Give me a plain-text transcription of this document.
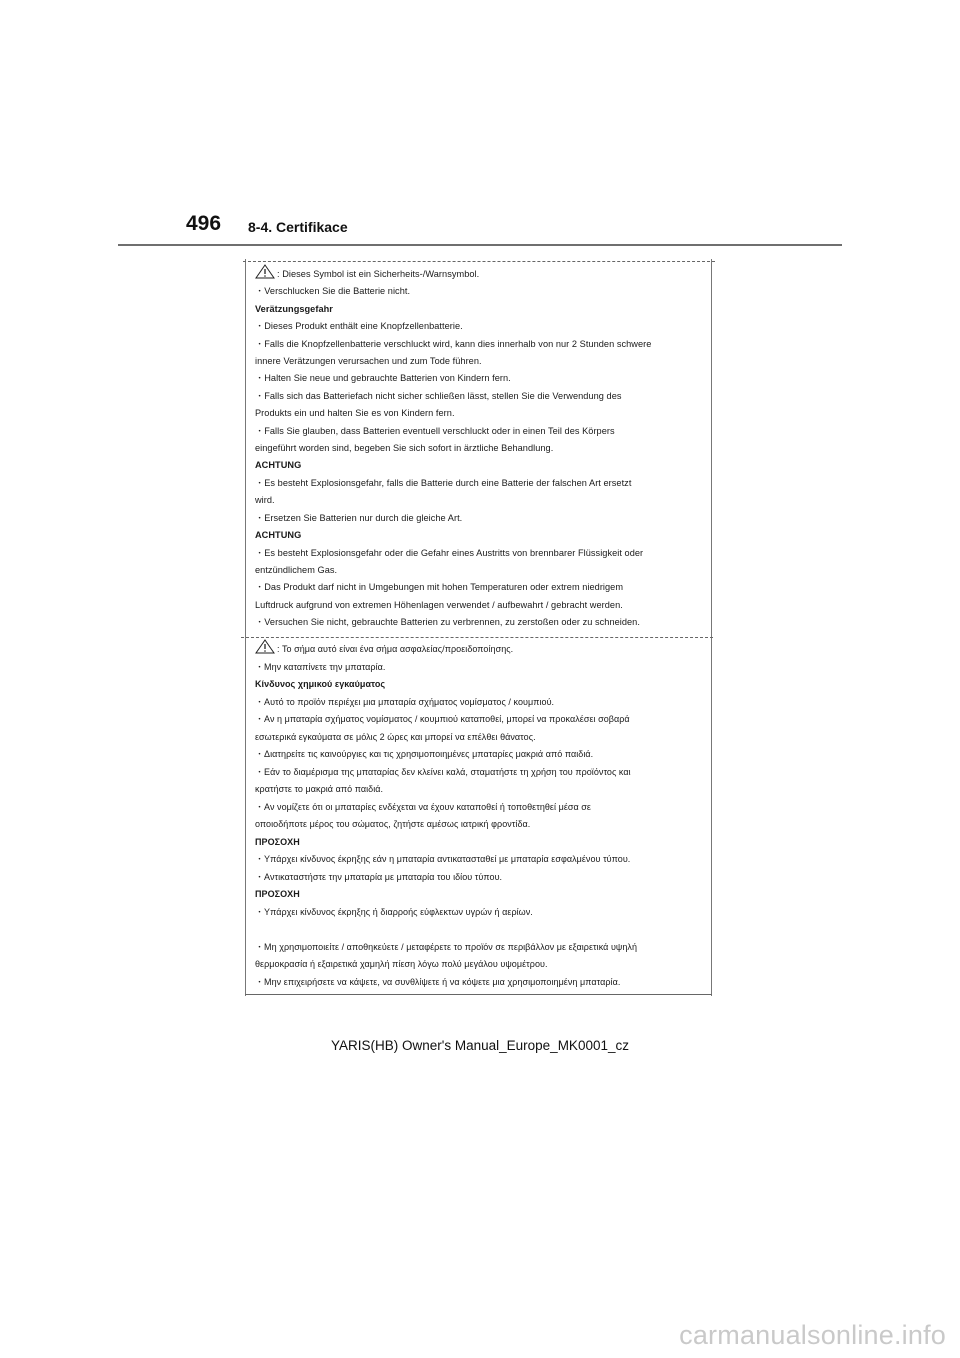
496 8-4. Certifikace
: Dieses Symbol ist ein Sicherheits-/Warnsymbol.
・Verschlucken Sie die Batterie nicht.
Verätzungsgefahr
・Dieses Produkt enthält eine Knopfzellenbatterie.
・Falls die Knopfzellenbatterie verschluckt wird, kann dies innerhalb von nur 2 Stunden schwere
innere Verätzungen verursachen und zum Tode führen.
・Halten Sie neue und gebrauchte Batterien von Kindern fern.
・Falls sich das Batteriefach nicht sicher schließen lässt, stellen Sie die Verwendung des
Produkts ein und halten Sie es von Kindern fern.
・Falls Sie glauben, dass Batterien eventuell verschluckt oder in einen Teil des Körpers
eingeführt worden sind, begeben Sie sich sofort in ärztliche Behandlung.
ACHTUNG
・Es besteht Explosionsgefahr, falls die Batterie durch eine Batterie der falschen Art ersetzt
wird.
・Ersetzen Sie Batterien nur durch die gleiche Art.
ACHTUNG
・Es besteht Explosionsgefahr oder die Gefahr eines Austritts von brennbarer Flüssigkeit oder
entzündlichem Gas.
・Das Produkt darf nicht in Umgebungen mit hohen Temperaturen oder extrem niedrigem
Luftdruck aufgrund von extremen Höhenlagen verwendet / aufbewahrt / gebracht werden.
・Versuchen Sie nicht, gebrauchte Batterien zu verbrennen, zu zerstoßen oder zu schneiden.
: Το σήμα αυτό είναι ένα σήμα ασφαλείας/προειδοποίησης.
・Μην καταπίνετε την μπαταρία.
Κίνδυνος χημικού εγκαύματος
・Αυτό το προϊόν περιέχει μια μπαταρία σχήματος νομίσματος / κουμπιού.
・Αν η μπαταρία σχήματος νομίσματος / κουμπιού καταποθεί, μπορεί να προκαλέσει σοβαρά
εσωτερικά εγκαύματα σε μόλις 2 ώρες και μπορεί να επέλθει θάνατος.
・Διατηρείτε τις καινούργιες και τις χρησιμοποιημένες μπαταρίες μακριά από παιδιά.
・Εάν το διαμέρισμα της μπαταρίας δεν κλείνει καλά, σταματήστε τη χρήση του προϊόντος και
κρατήστε το μακριά από παιδιά.
・Αν νομίζετε ότι οι μπαταρίες ενδέχεται να έχουν καταποθεί ή τοποθετηθεί μέσα σε
οποιοδήποτε μέρος του σώματος, ζητήστε αμέσως ιατρική φροντίδα.
ΠΡΟΣΟΧΗ
・Υπάρχει κίνδυνος έκρηξης εάν η μπαταρία αντικατασταθεί με μπαταρία εσφαλμένου τύπου.
・Αντικαταστήστε την μπαταρία με μπαταρία του ιδίου τύπου.
ΠΡΟΣΟΧΗ
・Υπάρχει κίνδυνος έκρηξης ή διαρροής εύφλεκτων υγρών ή αερίων.

・Μη χρησιμοποιείτε / αποθηκεύετε / μεταφέρετε το προϊόν σε περιβάλλον με εξαιρετικά υψηλή
θερμοκρασία ή εξαιρετικά χαμηλή πίεση λόγω πολύ μεγάλου υψομέτρου.
・Μην επιχειρήσετε να κάψετε, να συνθλίψετε ή να κόψετε μια χρησιμοποιημένη μπαταρία.
YARIS(HB) Owner's Manual_Europe_MK0001_cz
carmanualsonline.info
